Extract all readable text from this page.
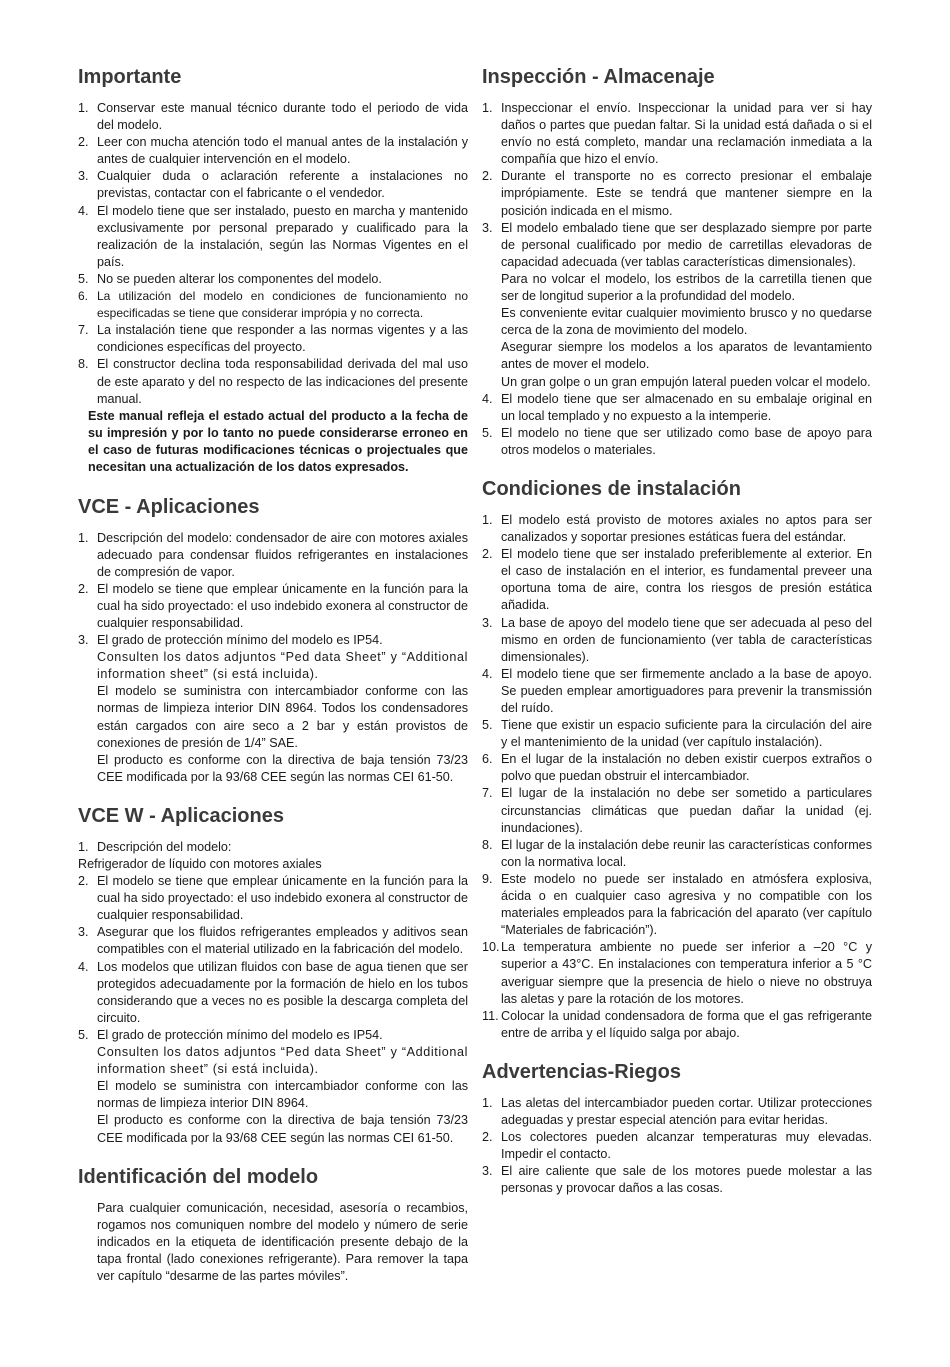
Importante
1. Conservar este manual técnico durante todo el periodo de vida del modelo.
2. Leer con mucha atención todo el manual antes de la instalación y antes de cualquier intervención en el modelo.
3. Cualquier duda o aclaración referente a instalaciones no previstas, contactar con el fabricante o el vendedor.
4. El modelo tiene que ser instalado, puesto en marcha y mantenido exclusivamente por personal preparado y cualificado para la realización de la instalación, según las Normas Vigentes en el país.
5. No se pueden alterar los componentes del modelo.
6. La utilización del modelo en condiciones de funcionamiento no especificadas se tiene que considerar imprópia y no correcta.
7. La instalación tiene que responder a las normas vigentes y a las condiciones específicas del proyecto.
8. El constructor declina toda responsabilidad derivada del mal uso de este aparato y del no respecto de las indicaciones del presente manual.
Este manual refleja el estado actual del producto a la fecha de su impresión y por lo tanto no puede considerarse erroneo en el caso de futuras modificaciones técnicas o projectuales que necesitan una actualización de los datos expresados.
VCE - Aplicaciones
1. Descripción del modelo: condensador de aire con motores axiales adecuado para condensar fluidos refrigerantes en instalaciones de compresión de vapor.
2. El modelo se tiene que emplear únicamente en la función para la cual ha sido proyectado: el uso indebido exonera al constructor de cualquier responsabilidad.
3. El grado de protección mínimo del modelo es IP54.
Consulten los datos adjuntos “Ped data Sheet” y “Additional information sheet” (si está incluida).
El modelo se suministra con intercambiador conforme con las normas de limpieza interior DIN 8964. Todos los condensadores están cargados con aire seco a 2 bar y están provistos de conexiones de presión de 1/4” SAE.
El producto es conforme con la directiva de baja tensión 73/23 CEE modificada por la 93/68 CEE según las normas CEI 61-50.
VCE W - Aplicaciones
1. Descripción del modelo:
Refrigerador de líquido con motores axiales
2. El modelo se tiene que emplear únicamente en la función para la cual ha sido proyectado: el uso indebido exonera al constructor de cualquier responsabilidad.
3. Asegurar que los fluidos refrigerantes empleados y aditivos sean compatibles con el material utilizado en la fabricación del modelo.
4. Los modelos que utilizan fluidos con base de agua tienen que ser protegidos adecuadamente por la formación de hielo en los tubos considerando que a veces no es posible la descarga completa del circuito.
5. El grado de protección mínimo del modelo es IP54.
Consulten los datos adjuntos “Ped data Sheet” y “Additional information sheet” (si está incluida).
El modelo se suministra con intercambiador conforme con las normas de limpieza interior DIN 8964.
El producto es conforme con la directiva de baja tensión 73/23 CEE modificada por la 93/68 CEE según las normas CEI 61-50.
Identificación del modelo
Para cualquier comunicación, necesidad, asesoría o recambios, rogamos nos comuniquen nombre del modelo y número de serie indicados en la etiqueta de identificación presente debajo de la tapa frontal (lado conexiones refrigerante). Para remover la tapa ver capítulo “desarme de las partes móviles”.
Inspección - Almacenaje
1. Inspeccionar el envío. Inspeccionar la unidad para ver si hay daños o partes que puedan faltar. Si la unidad está dañada o si el envío no está completo, mandar una reclamación inmediata a la compañía que hizo el envío.
2. Durante el transporte no es correcto presionar el embalaje imprópiamente. Este se tendrá que mantener siempre en la posición indicada en el mismo.
3. El modelo embalado tiene que ser desplazado siempre por parte de personal cualificado por medio de carretillas elevadoras de capacidad adecuada (ver tablas características dimensionales).
Para no volcar el modelo, los estribos de la carretilla tienen que ser de longitud superior a la profundidad del modelo.
Es conveniente evitar cualquier movimiento brusco y no quedarse cerca de la zona de movimiento del modelo.
Asegurar siempre los modelos a los aparatos de levantamiento antes de mover el modelo.
Un gran golpe o un gran empujón lateral pueden volcar el modelo.
4. El modelo tiene que ser almacenado en su embalaje original en un local templado y no expuesto a la intemperie.
5. El modelo no tiene que ser utilizado como base de apoyo para otros modelos o materiales.
Condiciones de instalación
1. El modelo está provisto de motores axiales no aptos para ser canalizados y soportar presiones estáticas fuera del estándar.
2. El modelo tiene que ser instalado preferiblemente al exterior. En el caso de instalación en el interior, es fundamental preveer una oportuna toma de aire, contra los riesgos de presión estática añadida.
3. La base de apoyo del modelo tiene que ser adecuada al peso del mismo en orden de funcionamiento (ver tabla de características dimensionales).
4. El modelo tiene que ser firmemente anclado a la base de apoyo. Se pueden emplear amortiguadores para prevenir la transmissión del ruído.
5. Tiene que existir un espacio suficiente para la circulación del aire y el mantenimiento de la unidad (ver capítulo instalación).
6. En el lugar de la instalación no deben existir cuerpos extraños o polvo que puedan obstruir el intercambiador.
7. El lugar de la instalación no debe ser sometido a particulares circunstancias climáticas que puedan dañar la unidad (ej. inundaciones).
8. El lugar de la instalación debe reunir las características conformes con la normativa local.
9. Este modelo no puede ser instalado en atmósfera explosiva, ácida o en cualquier caso agresiva y no compatible con los materiales empleados para la fabricación del aparato (ver capítulo “Materiales de fabricación”).
10. La temperatura ambiente no puede ser inferior a –20 °C y superior a 43°C. En instalaciones con temperatura inferior a 5 °C averiguar siempre que la presencia de hielo o nieve no obstruya las aletas y pare la rotación de los motores.
11. Colocar la unidad condensadora de forma que el gas refrigerante entre de arriba y el líquido salga por abajo.
Advertencias-Riegos
1. Las aletas del intercambiador pueden cortar. Utilizar protecciones adeguadas y prestar especial atención para evitar heridas.
2. Los colectores pueden alcanzar temperaturas muy elevadas. Impedir el contacto.
3. El aire caliente que sale de los motores puede molestar a las personas y provocar daños a las cosas.
